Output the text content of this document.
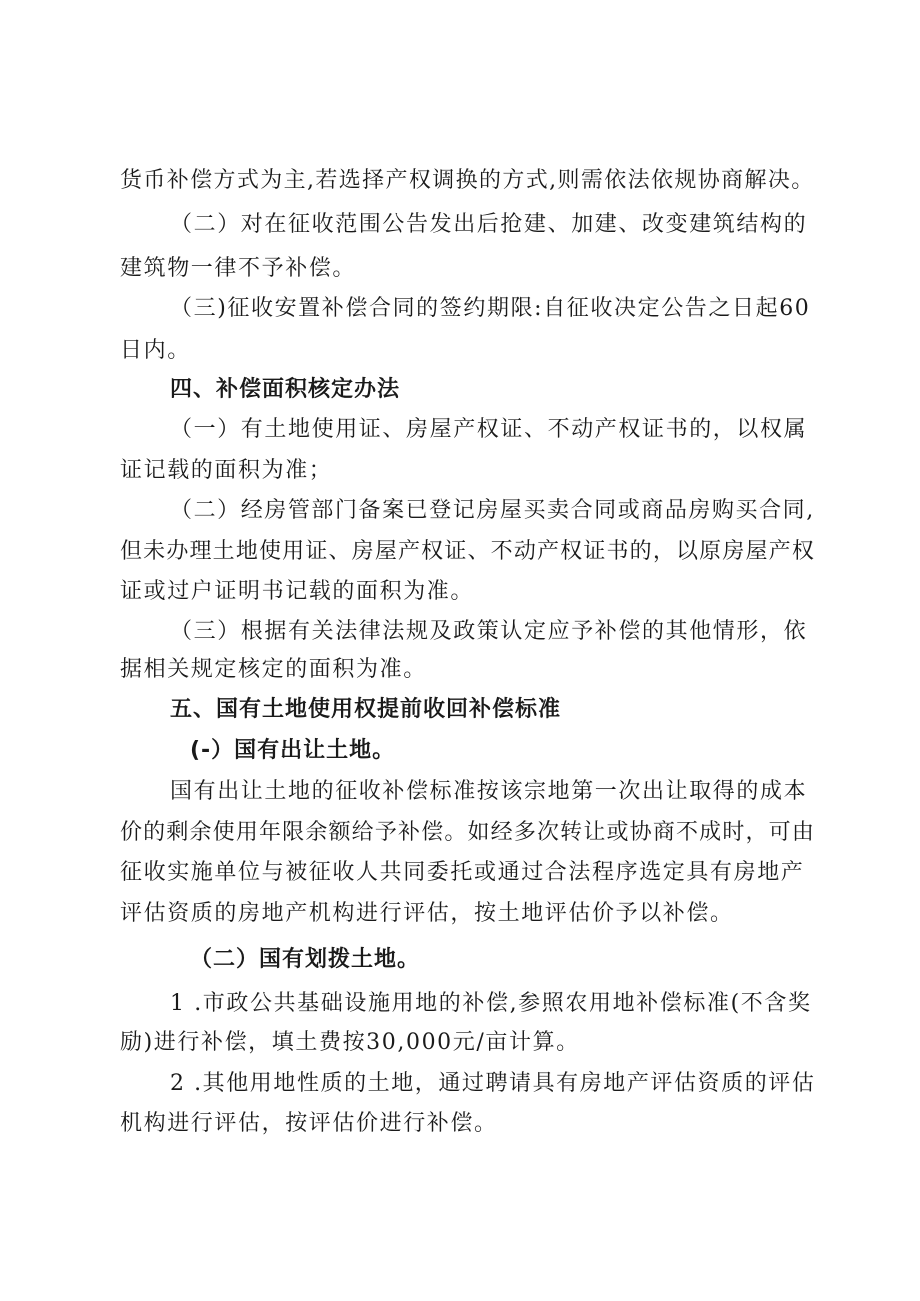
货币补偿方式为主,若选择产权调换的方式,则需依法依规协商解决。
（二）对在征收范围公告发出后抢建、加建、改变建筑结构的
建筑物一律不予补偿。
（三)征收安置补偿合同的签约期限:自征收决定公告之日起60
日内。
四、补偿面积核定办法
（一）有土地使用证、房屋产权证、不动产权证书的，以权属
证记载的面积为准；
（二）经房管部门备案已登记房屋买卖合同或商品房购买合同,
但未办理土地使用证、房屋产权证、不动产权证书的，以原房屋产权
证或过户证明书记载的面积为准。
（三）根据有关法律法规及政策认定应予补偿的其他情形，依
据相关规定核定的面积为准。
五、国有土地使用权提前收回补偿标准
(-）国有出让土地。
国有出让土地的征收补偿标准按该宗地第一次出让取得的成本
价的剩余使用年限余额给予补偿。如经多次转让或协商不成时，可由
征收实施单位与被征收人共同委托或通过合法程序选定具有房地产
评估资质的房地产机构进行评估，按土地评估价予以补偿。
（二）国有划拨土地。
1 .市政公共基础设施用地的补偿,参照农用地补偿标准(不含奖
励)进行补偿，填土费按30,000元/亩计算。
2 .其他用地性质的土地，通过聘请具有房地产评估资质的评估
机构进行评估，按评估价进行补偿。
